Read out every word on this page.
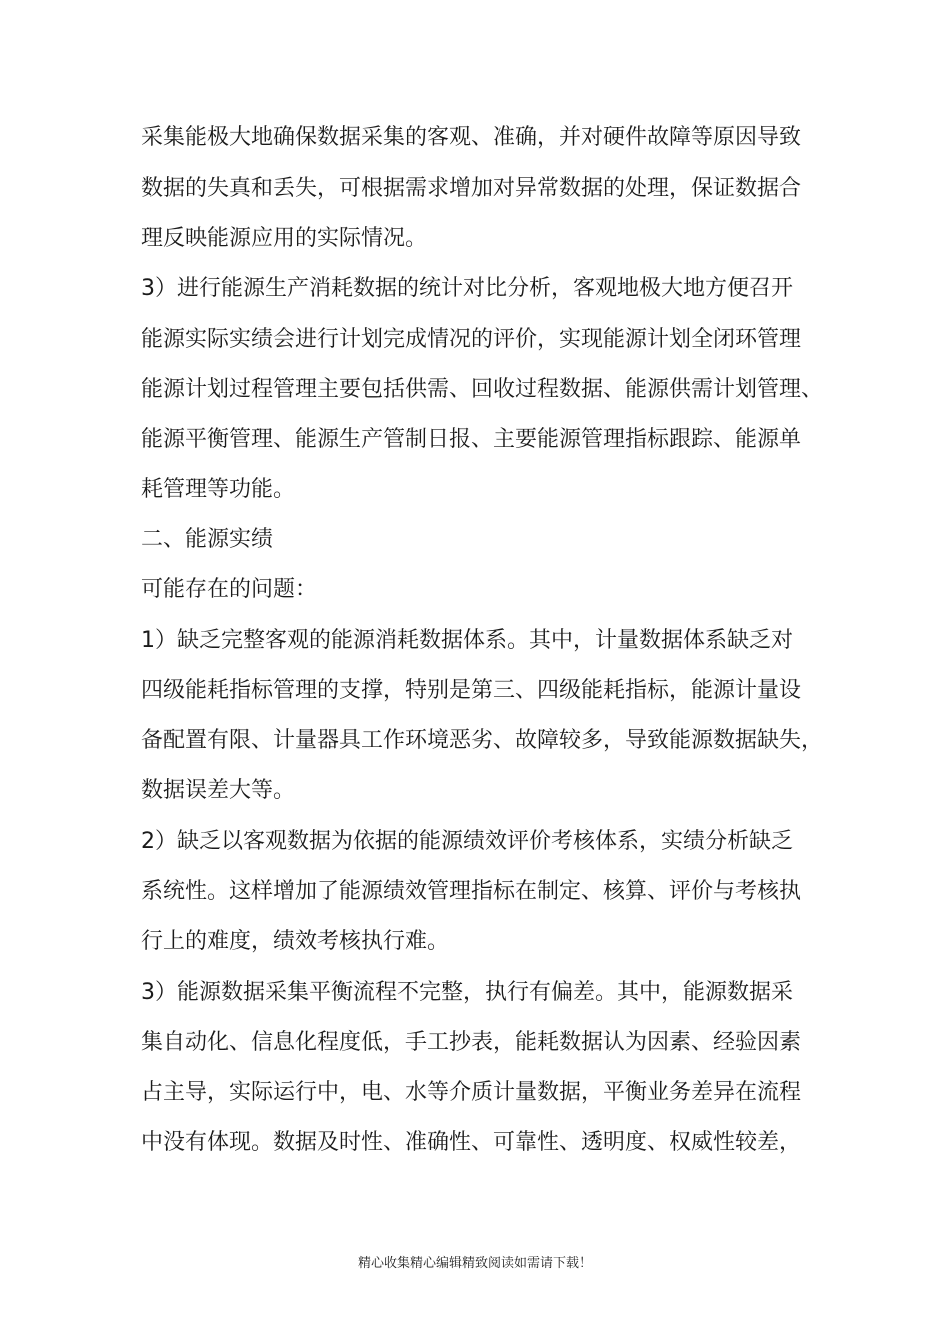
采集能极大地确保数据采集的客观、准确，并对硬件故障等原因导致
数据的失真和丢失，可根据需求增加对异常数据的处理，保证数据合
理反映能源应用的实际情况。
3）进行能源生产消耗数据的统计对比分析，客观地极大地方便召开
能源实际实绩会进行计划完成情况的评价，实现能源计划全闭环管理
能源计划过程管理主要包括供需、回收过程数据、能源供需计划管理、
能源平衡管理、能源生产管制日报、主要能源管理指标跟踪、能源单
耗管理等功能。
二、能源实绩
可能存在的问题：
1）缺乏完整客观的能源消耗数据体系。其中，计量数据体系缺乏对
四级能耗指标管理的支撑，特别是第三、四级能耗指标，能源计量设
备配置有限、计量器具工作环境恶劣、故障较多，导致能源数据缺失，
数据误差大等。
2）缺乏以客观数据为依据的能源绩效评价考核体系，实绩分析缺乏
系统性。这样增加了能源绩效管理指标在制定、核算、评价与考核执
行上的难度，绩效考核执行难。
3）能源数据采集平衡流程不完整，执行有偏差。其中，能源数据采
集自动化、信息化程度低，手工抄表，能耗数据认为因素、经验因素
占主导，实际运行中，电、水等介质计量数据，平衡业务差异在流程
中没有体现。数据及时性、准确性、可靠性、透明度、权威性较差，
精心收集精心编辑精致阅读如需请下载！
